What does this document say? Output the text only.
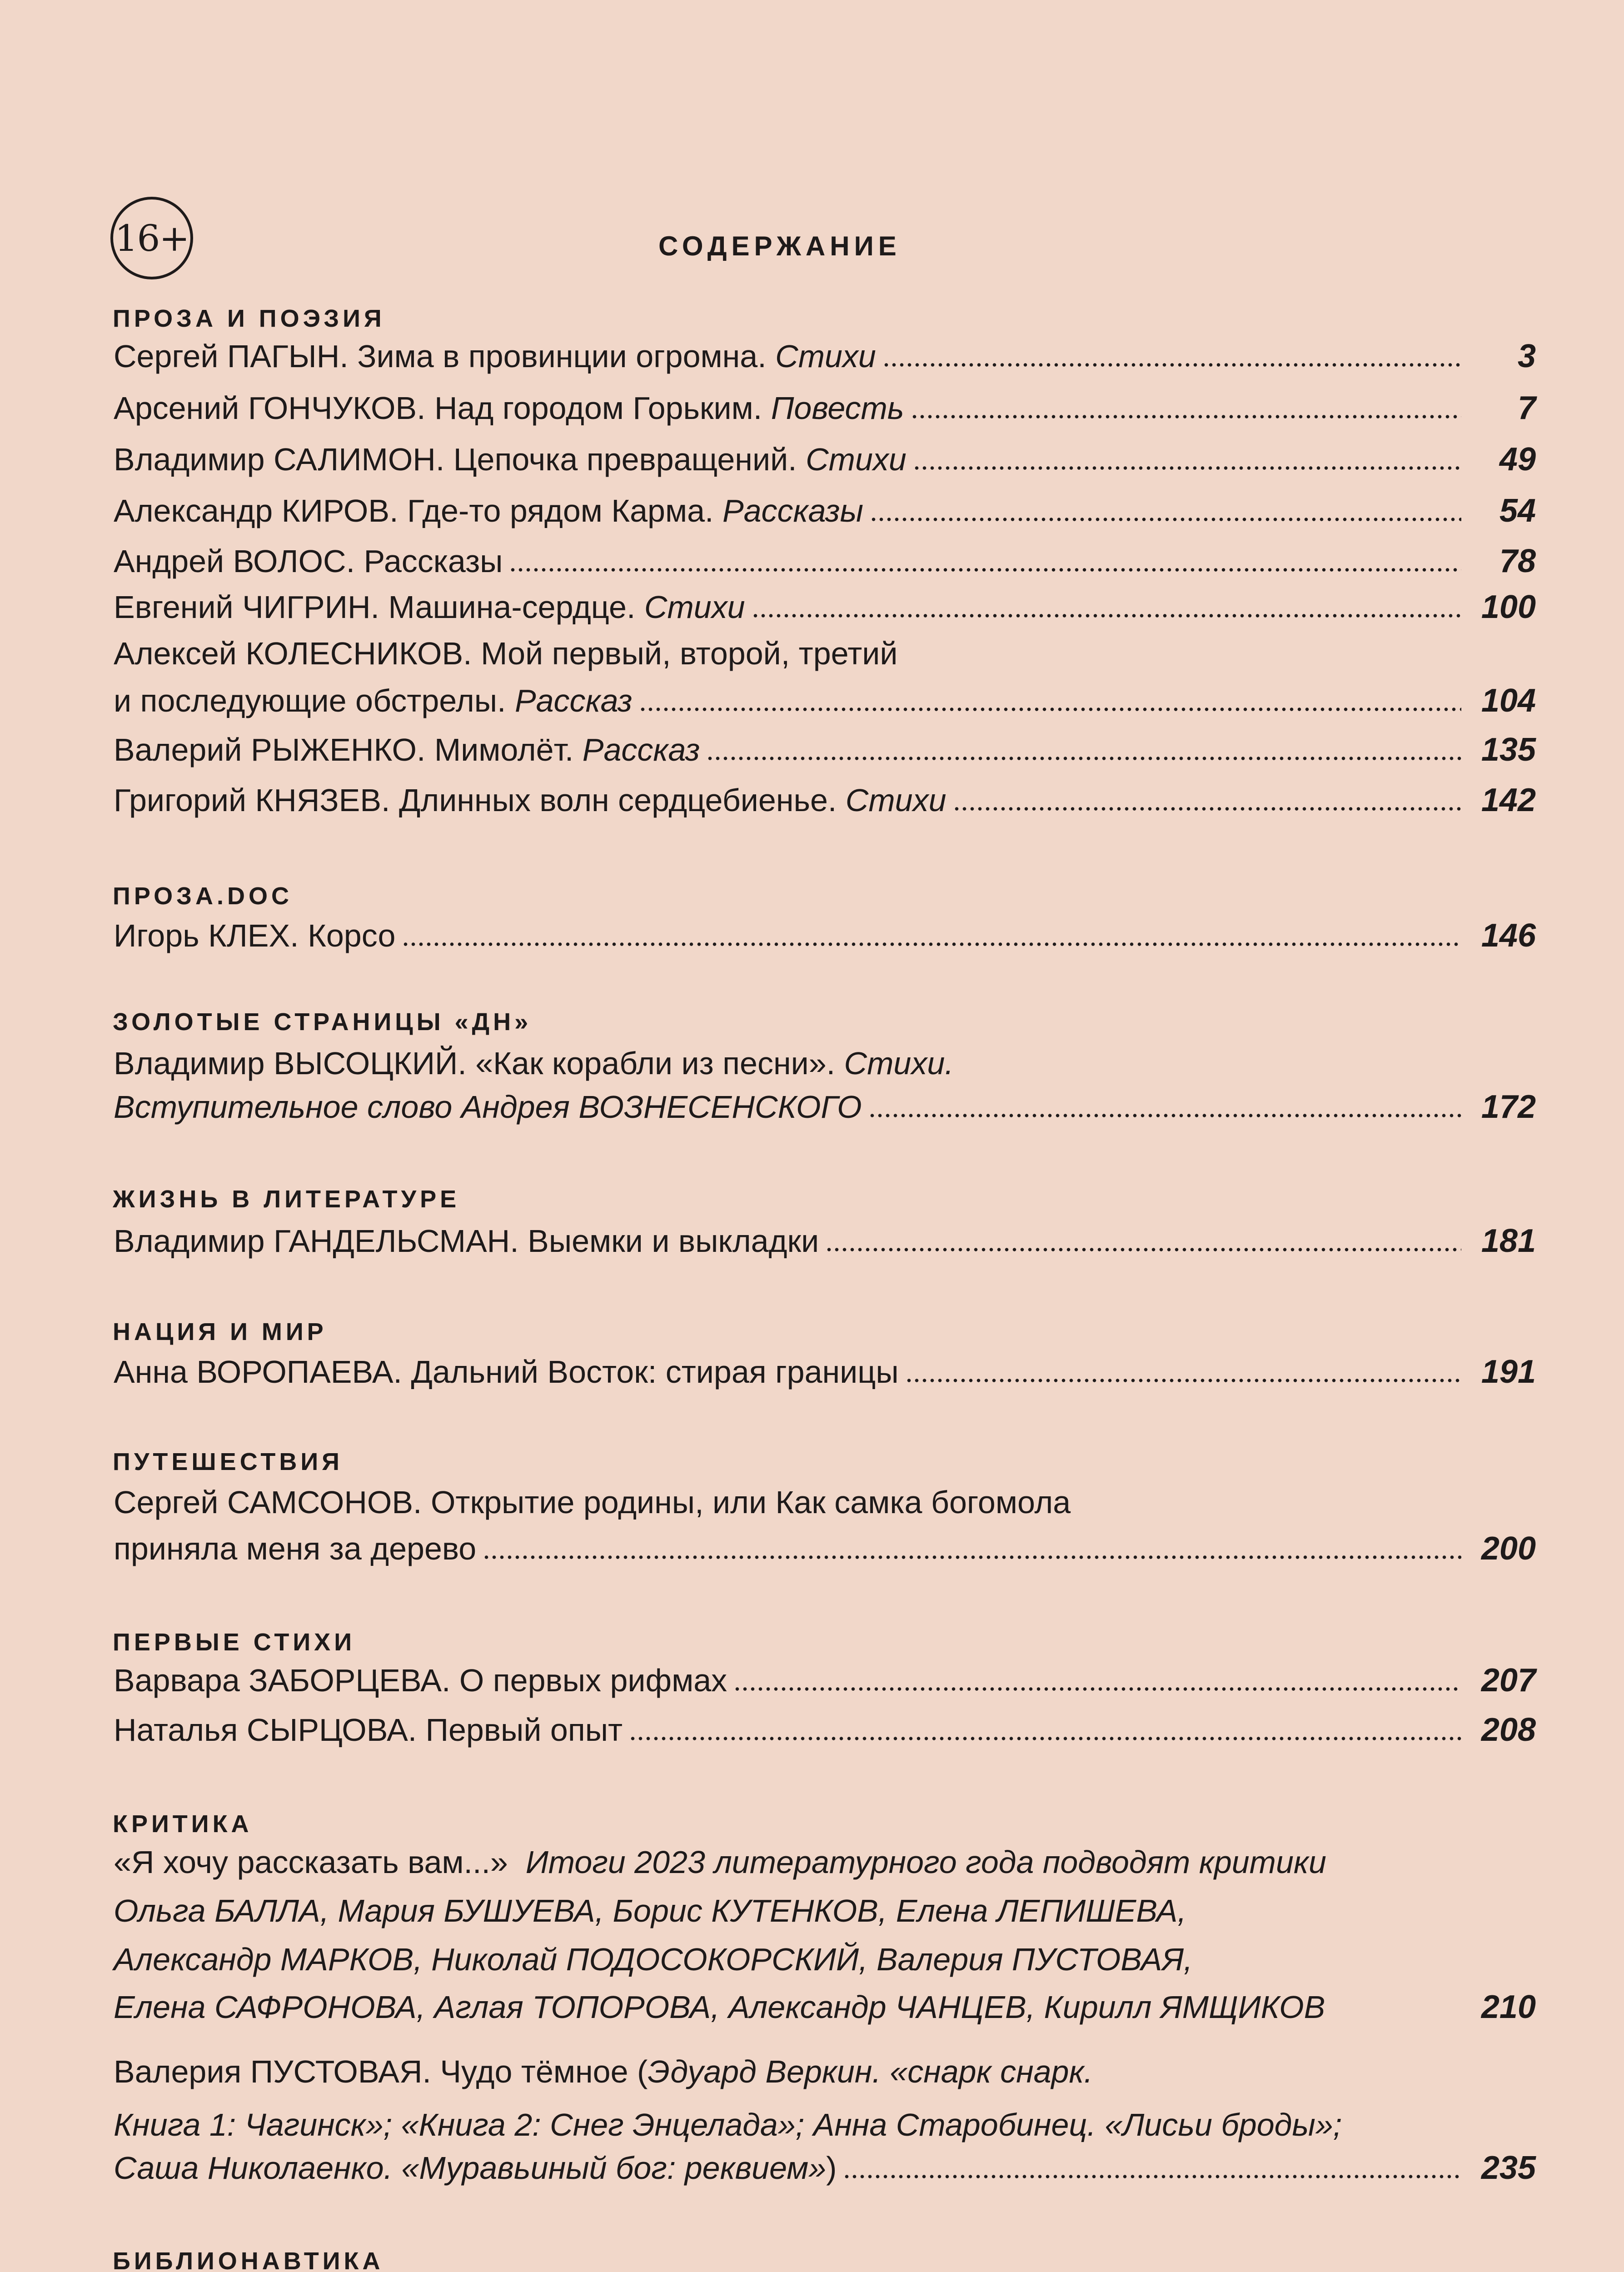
16+	СОДЕРЖАНИЕ
ПРОЗА И ПОЭЗИЯ
Сергей ПАГЫН. Зима в провинции огромна. Стихи	3
Арсений ГОНЧУКОВ. Над городом Горьким. Повесть	7
Владимир САЛИМОН. Цепочка превращений. Стихи	49
Александр КИРОВ. Где-то рядом Карма. Рассказы	54
Андрей ВОЛОС. Рассказы	78
Евгений ЧИГРИН. Машина-сердце. Стихи	100
Алексей КОЛЕСНИКОВ. Мой первый, второй, третий
и последующие обстрелы. Рассказ	104
Валерий РЫЖЕНКО. Мимолёт. Рассказ	135
Григорий КНЯЗЕВ. Длинных волн сердцебиенье. Стихи	142
ПРОЗА.DOC
Игорь КЛЕХ. Корсо	146
ЗОЛОТЫЕ СТРАНИЦЫ «ДН»
Владимир ВЫСОЦКИЙ. «Как корабли из песни». Стихи.
Вступительное слово Андрея ВОЗНЕСЕНСКОГО	172
ЖИЗНЬ В ЛИТЕРАТУРЕ
Владимир ГАНДЕЛЬСМАН. Выемки и выкладки	181
НАЦИЯ И МИР
Анна ВОРОПАЕВА. Дальний Восток: стирая границы	191
ПУТЕШЕСТВИЯ
Сергей САМСОНОВ. Открытие родины, или Как самка богомола
приняла меня за дерево	200
ПЕРВЫЕ СТИХИ
Варвара ЗАБОРЦЕВА. О первых рифмах	207
Наталья СЫРЦОВА. Первый опыт	208
КРИТИКА
«Я хочу рассказать вам...» Итоги 2023 литературного года подводят критики
Ольга БАЛЛА, Мария БУШУЕВА, Борис КУТЕНКОВ, Елена ЛЕПИШЕВА,
Александр МАРКОВ, Николай ПОДОСОКОРСКИЙ, Валерия ПУСТОВАЯ,
Елена САФРОНОВА, Аглая ТОПОРОВА, Александр ЧАНЦЕВ, Кирилл ЯМЩИКОВ	210
Валерия ПУСТОВАЯ. Чудо тёмное (Эдуард Веркин. «снарк снарк.
Книга 1: Чагинск»; «Книга 2: Снег Энцелада»; Анна Старобинец. «Лисьи броды»;
Саша Николаенко. «Муравьиный бог: реквием»)	235
БИБЛИОНАВТИКА
